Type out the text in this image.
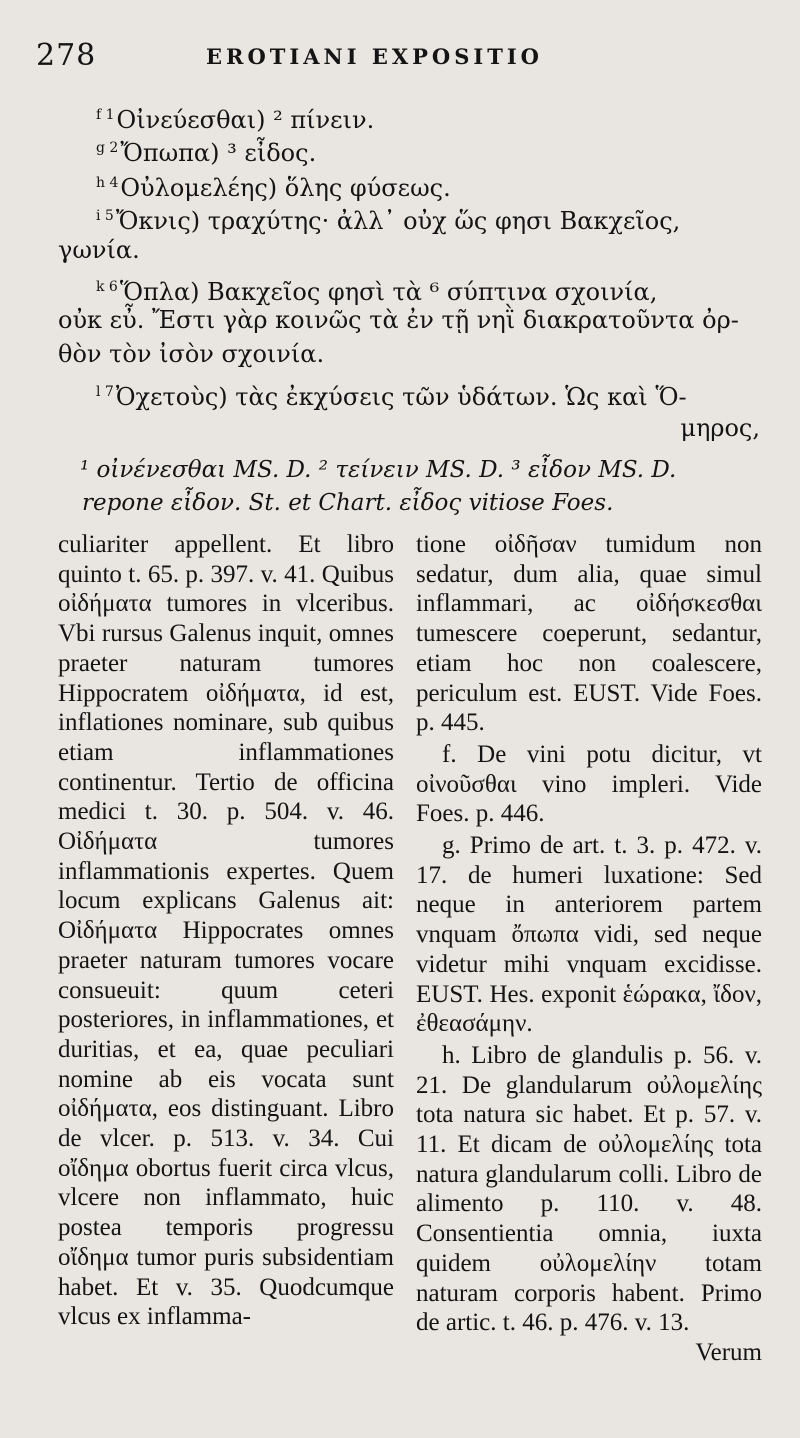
278	EROTIANI EXPOSITIO
$^{f 1}$Οἰνεύεσθαι) ² πίνειν.
$^{g 2}$Ὄπωπα) ³ εἶδος.
$^{h 4}$Οὐλομελέης) ὅλης φύσεως.
$^{i 5}$Ὄκνις) τραχύτης· ἀλλ᾽ οὐχ ὥς φησι Βακχεῖος,
γωνία.
$^{k 6}$Ὅπλα) Βακχεῖος φησὶ τὰ ⁶ σύπτινα σχοινία,
οὐκ εὖ. Ἔστι γὰρ κοινῶς τὰ ἐν τῇ νηῒ διακρατοῦντα ὀρ-
θὸν τὸν ἰσὸν σχοινία.
$^{l 7}$Ὀχετοὺς) τὰς ἐκχύσεις τῶν ὑδάτων. Ὡς καὶ Ὅ-
μηρος,
¹ οἰνένεσθαι MS. D. ² τείνειν MS. D. ³ εἶδον MS. D.
repone εἶδον. St. et Chart. εἶδος vitiose Foes.

culiariter appellent. Et libro quinto t. 65. p. 397. v. 41. Quibus οἰδήματα tumores in vlceribus. Vbi rursus Galenus inquit, omnes praeter naturam tumores Hippocratem οἰδήματα, id est, inflationes nominare, sub quibus etiam inflammationes continentur. Tertio de officina medici t. 30. p. 504. v. 46. Οἰδήματα tumores inflammationis expertes. Quem locum explicans Galenus ait: Οἰδήματα Hippocrates omnes praeter naturam tumores vocare consueuit: quum ceteri posteriores, in inflammationes, et duritias, et ea, quae peculiari nomine ab eis vocata sunt οἰδήματα, eos distinguant. Libro de vlcer. p. 513. v. 34. Cui οἴδημα obortus fuerit circa vlcus, vlcere non inflammato, huic postea temporis progressu οἴδημα tumor puris subsidentiam habet. Et v. 35. Quodcumque vlcus ex inflamma-

tione οἰδῆσαν tumidum non sedatur, dum alia, quae simul inflammari, ac οἰδήσκεσθαι tumescere coeperunt, sedantur, etiam hoc non coalescere, periculum est. EUST. Vide Foes. p. 445.

f. De vini potu dicitur, vt οἰνοῦσθαι vino impleri. Vide Foes. p. 446.

g. Primo de art. t. 3. p. 472. v. 17. de humeri luxatione: Sed neque in anteriorem partem vnquam ὄπωπα vidi, sed neque videtur mihi vnquam excidisse. EUST. Hes. exponit ἑώρακα, ἴδον, ἐθεασάμην.

h. Libro de glandulis p. 56. v. 21. De glandularum οὐλομελίης tota natura sic habet. Et p. 57. v. 11. Et dicam de οὐλομελίης tota natura glandularum colli. Libro de alimento p. 110. v. 48. Consentientia omnia, iuxta quidem οὐλομελίην totam naturam corporis habent. Primo de artic. t. 46. p. 476. v. 13.

Verum
